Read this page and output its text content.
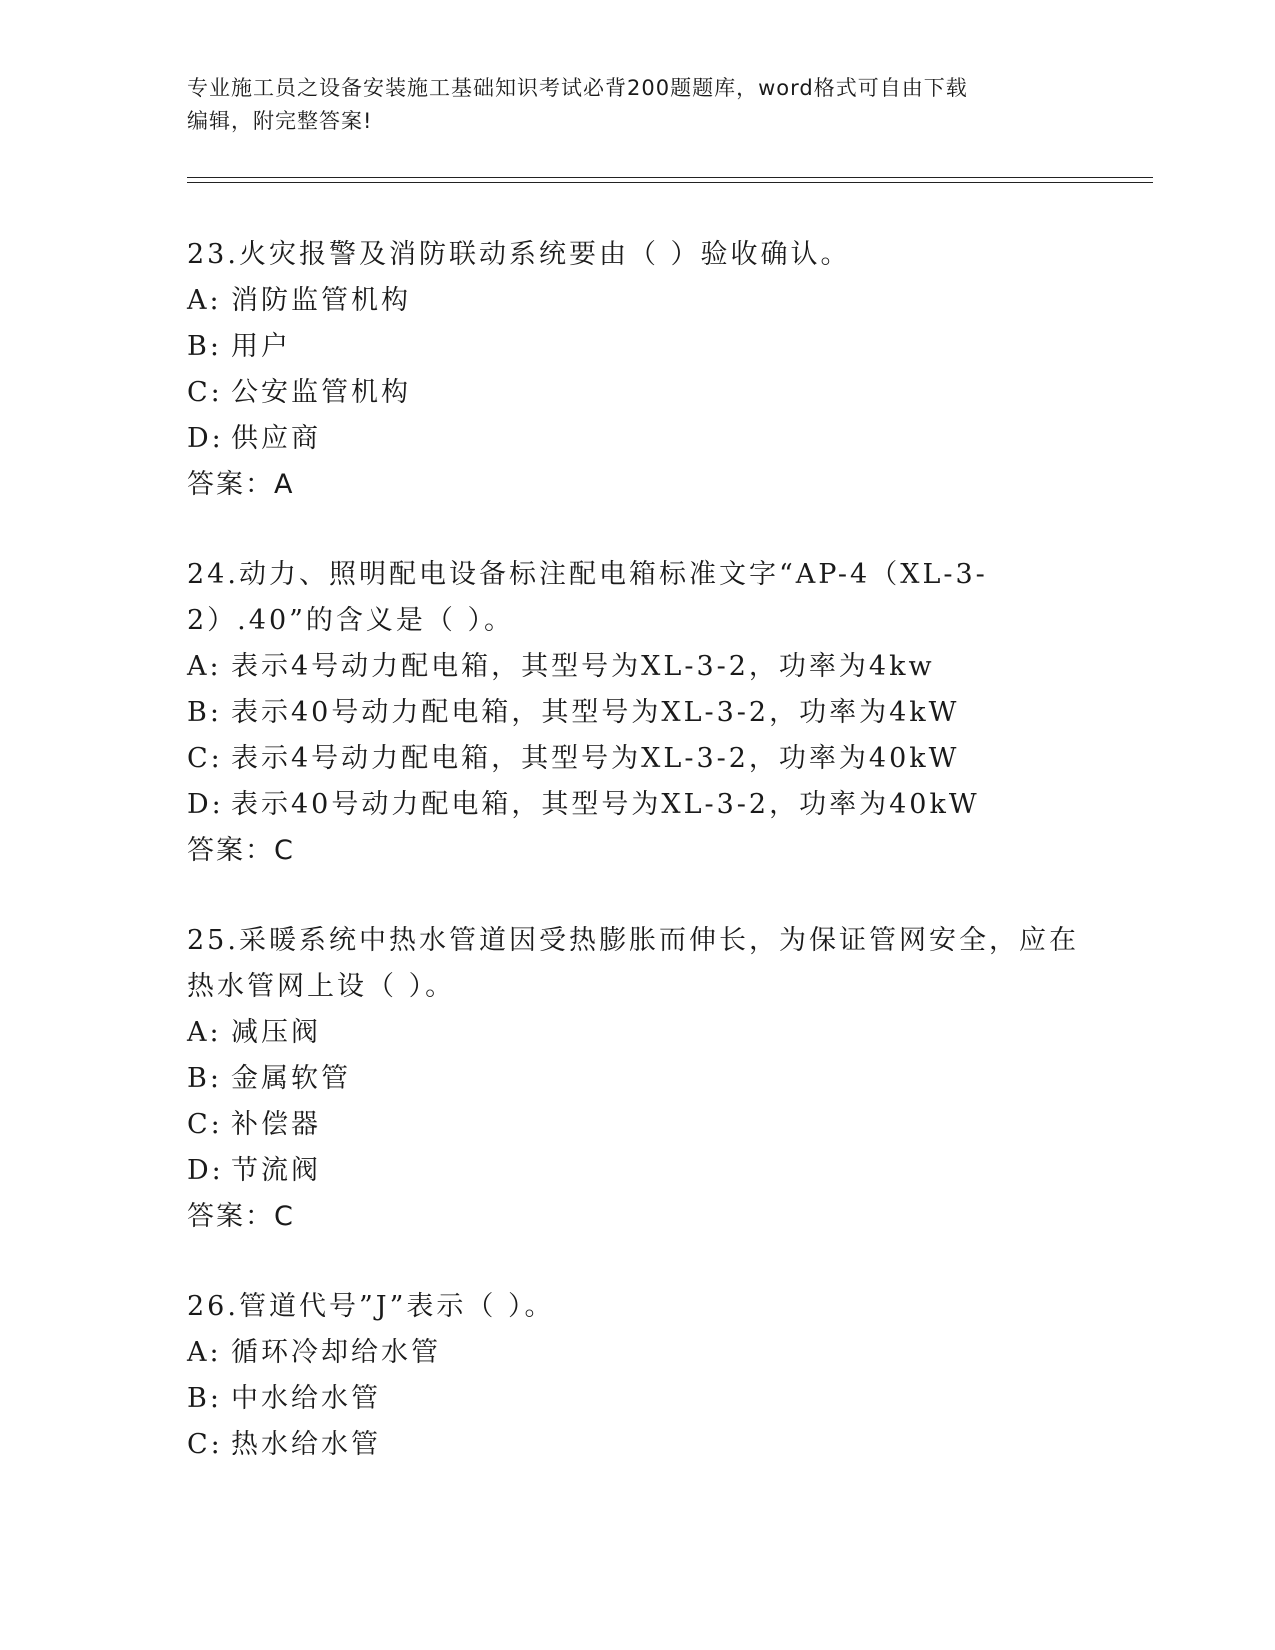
专业施工员之设备安装施工基础知识考试必背200题题库，word格式可自由下载
编辑，附完整答案!
23.火灾报警及消防联动系统要由（ ）验收确认。
A: 消防监管机构
B: 用户
C: 公安监管机构
D: 供应商
答案：A
24.动力、照明配电设备标注配电箱标准文字“AP-4（XL-3-2）.40”的含义是（ ）。
A: 表示4号动力配电箱，其型号为XL-3-2，功率为4kw
B: 表示40号动力配电箱，其型号为XL-3-2，功率为4kW
C: 表示4号动力配电箱，其型号为XL-3-2，功率为40kW
D: 表示40号动力配电箱，其型号为XL-3-2，功率为40kW
答案：C
25.采暖系统中热水管道因受热膨胀而伸长，为保证管网安全，应在热水管网上设（ ）。
A: 减压阀
B: 金属软管
C: 补偿器
D: 节流阀
答案：C
26.管道代号”J”表示（ ）。
A: 循环冷却给水管
B: 中水给水管
C: 热水给水管
